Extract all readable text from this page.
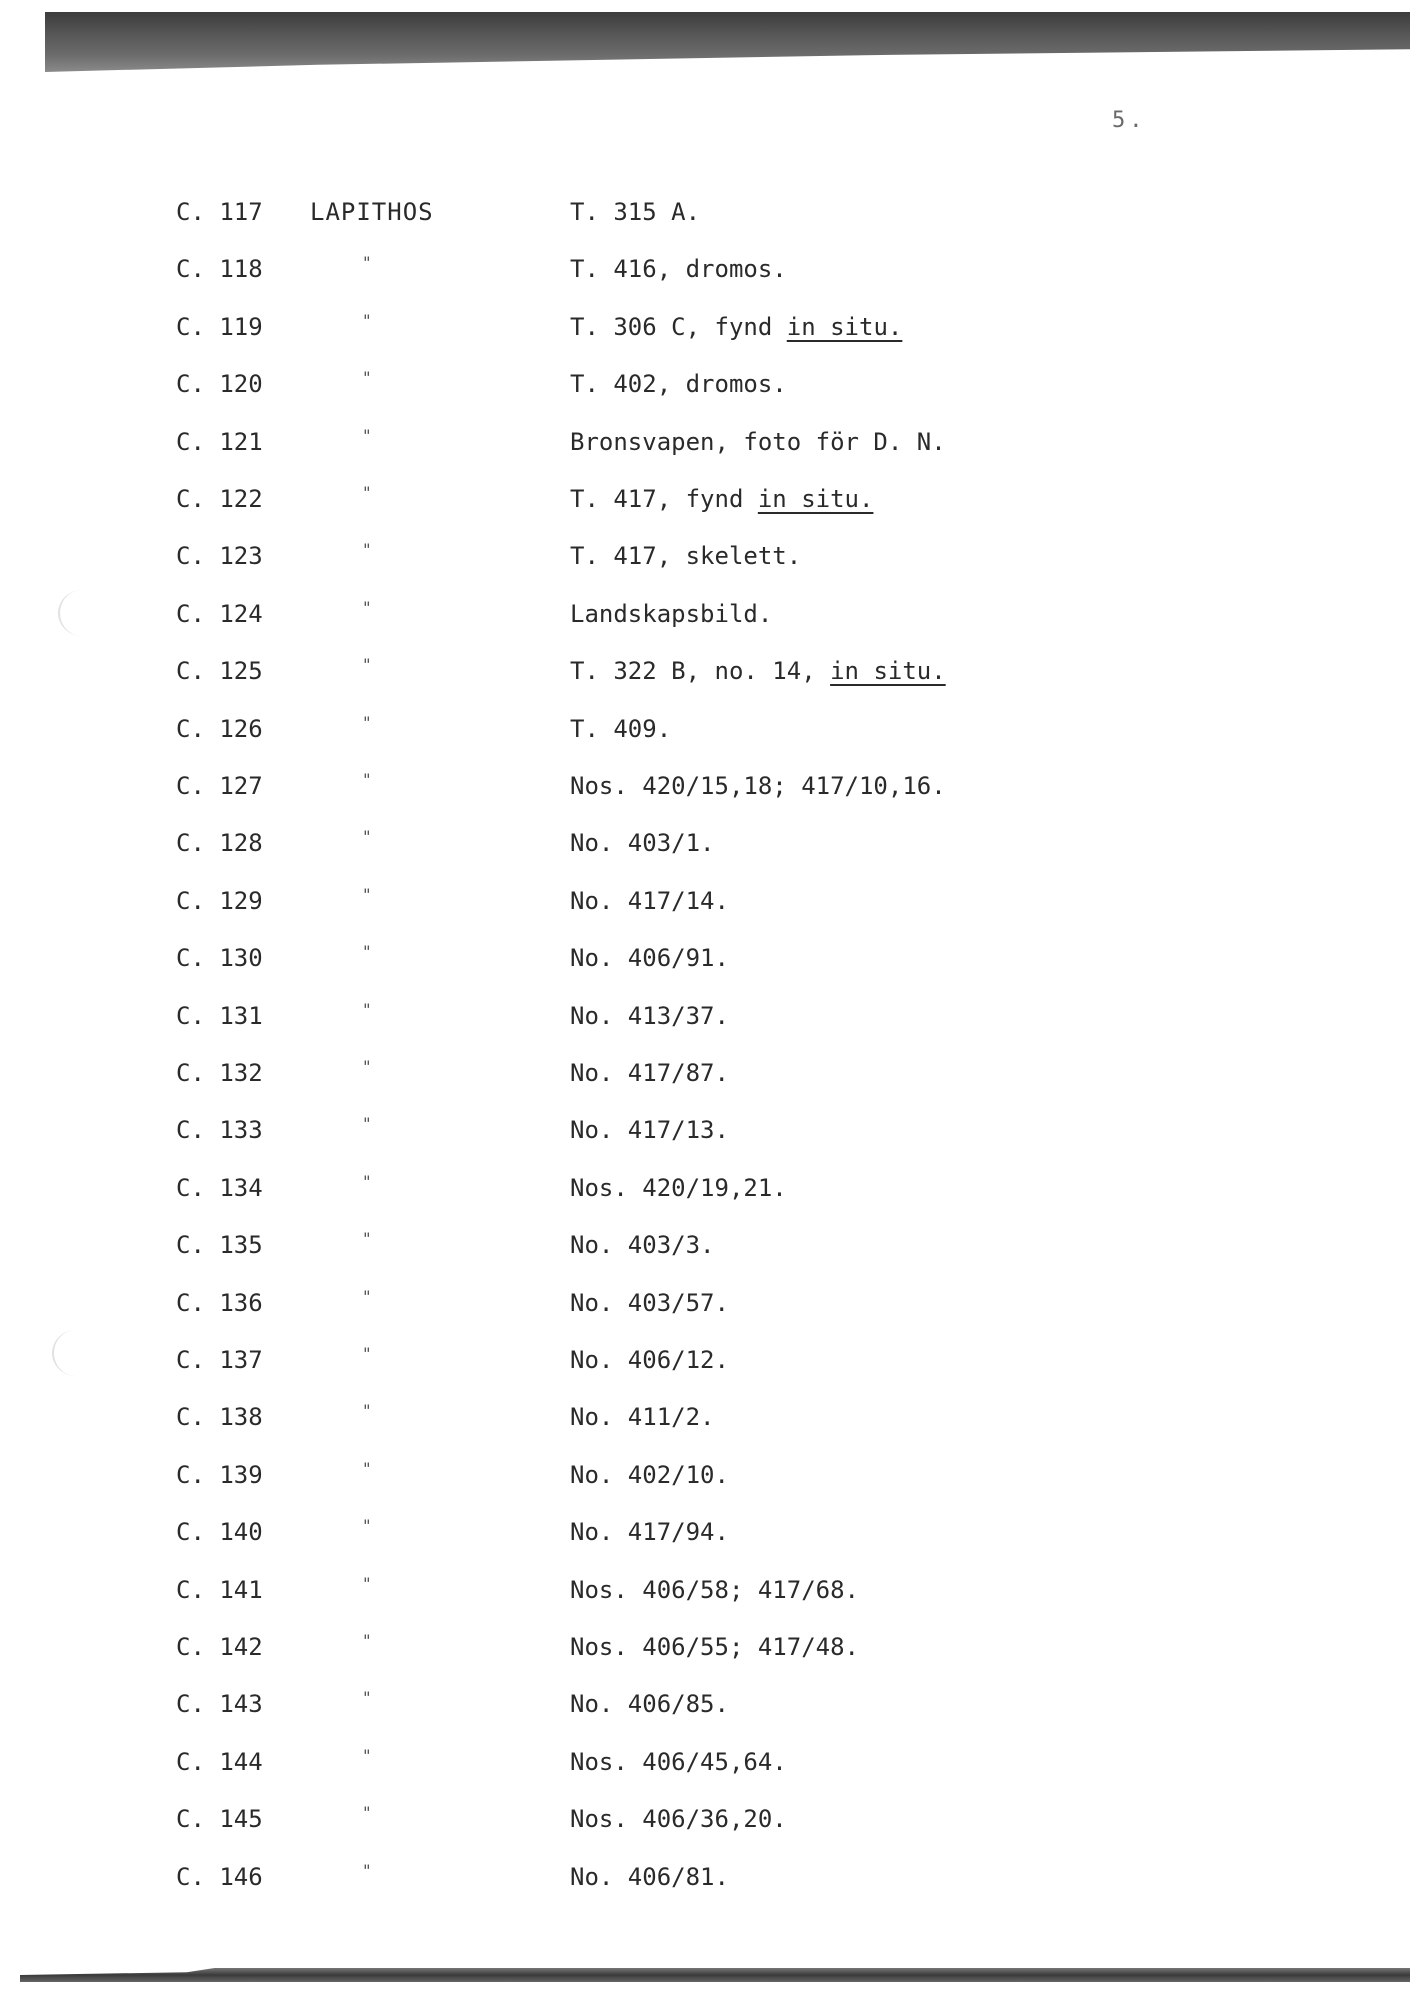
5.
C. 117 LAPITHOS	T. 315 A.
C. 118	"	T. 416, dromos.
C. 119	"	T. 306 C, fynd in situ.
C. 120	"	T. 402, dromos.
C. 121	"	Bronsvapen, foto för D. N.
C. 122	"	T. 417, fynd in situ.
C. 123	"	T. 417, skelett.
C. 124	"	Landskapsbild.
C. 125	"	T. 322 B, no. 14, in situ.
C. 126	"	T. 409.
C. 127	"	Nos. 420/15,18; 417/10,16.
C. 128	"	No. 403/1.
C. 129	"	No. 417/14.
C. 130	"	No. 406/91.
C. 131	"	No. 413/37.
C. 132	"	No. 417/87.
C. 133	"	No. 417/13.
C. 134	"	Nos. 420/19,21.
C. 135	"	No. 403/3.
C. 136	"	No. 403/57.
C. 137	"	No. 406/12.
C. 138	"	No. 411/2.
C. 139	"	No. 402/10.
C. 140	"	No. 417/94.
C. 141	"	Nos. 406/58; 417/68.
C. 142	"	Nos. 406/55; 417/48.
C. 143	"	No. 406/85.
C. 144	"	Nos. 406/45,64.
C. 145	"	Nos. 406/36,20.
C. 146	"	No. 406/81.
